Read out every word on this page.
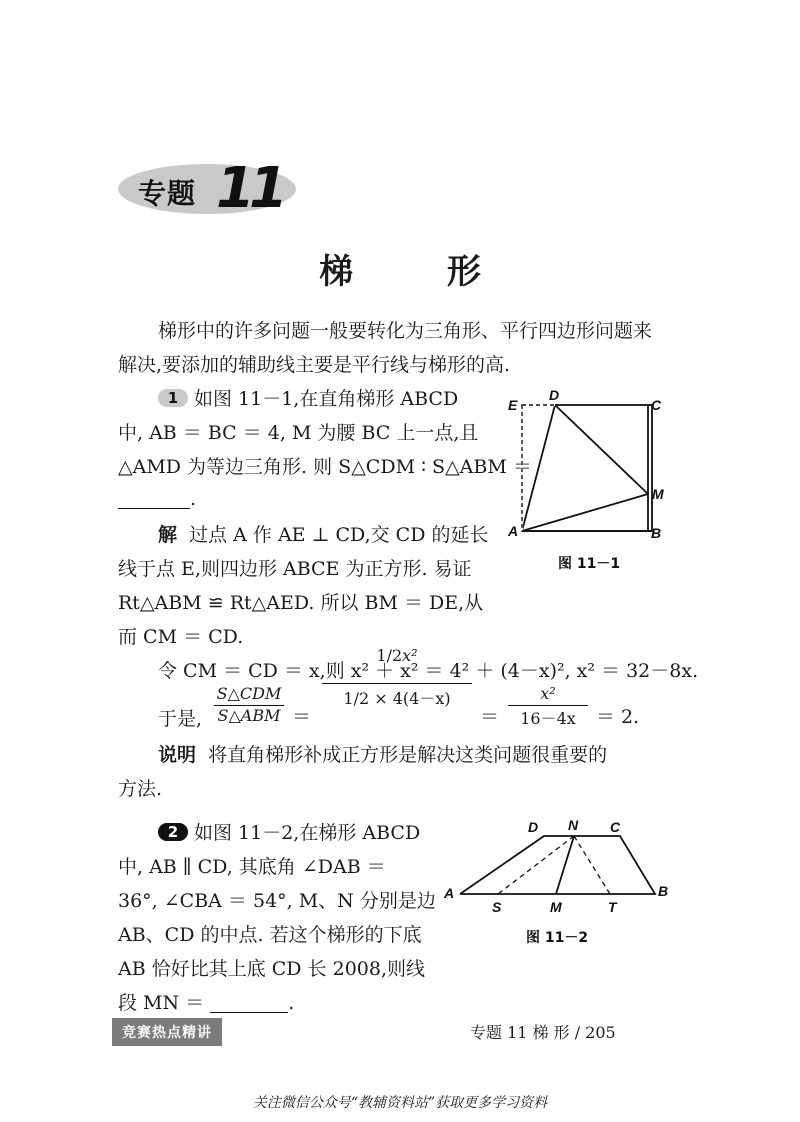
专题 11
梯	形
梯形中的许多问题一般要转化为三角形、平行四边形问题来
解决,要添加的辅助线主要是平行线与梯形的高.
1 如图 11－1,在直角梯形 ABCD
中, AB ＝ BC ＝ 4, M 为腰 BC 上一点,且
△AMD 为等边三角形. 则 S△CDM ∶ S△ABM ＝
.
解 过点 A 作 AE ⊥ CD,交 CD 的延长
线于点 E,则四边形 ABCE 为正方形. 易证
Rt△ABM ≌ Rt△AED. 所以 BM ＝ DE,从
而 CM ＝ CD.
令 CM ＝ CD ＝ x,则 x² ＋ x² ＝ 4² ＋ (4－x)², x² ＝ 32－8x.
于是,
S△CDM
S△ABM ＝
$\frac{\text{1/2x²}}{1/2 \times 4(4-x)}$
＝ $\frac{\text{x²}}{16-4x} = 2$.
说明 将直角梯形补成正方形是解决这类问题很重要的
方法.
2 如图 11－2,在梯形 ABCD
中, AB ∥ CD, 其底角 ∠DAB ＝
36°, ∠CBA ＝ 54°, M、N 分别是边
AB、CD 的中点. 若这个梯形的下底
AB 恰好比其上底 CD 长 2008,则线
段 MN ＝	.
E
D
C
M
A	B
图 11－1
D N C
A	B
S	M	T
图 11－2
竞赛热点精讲	专题 11 梯 形 / 205
关注微信公众号“教辅资料站”获取更多学习资料
